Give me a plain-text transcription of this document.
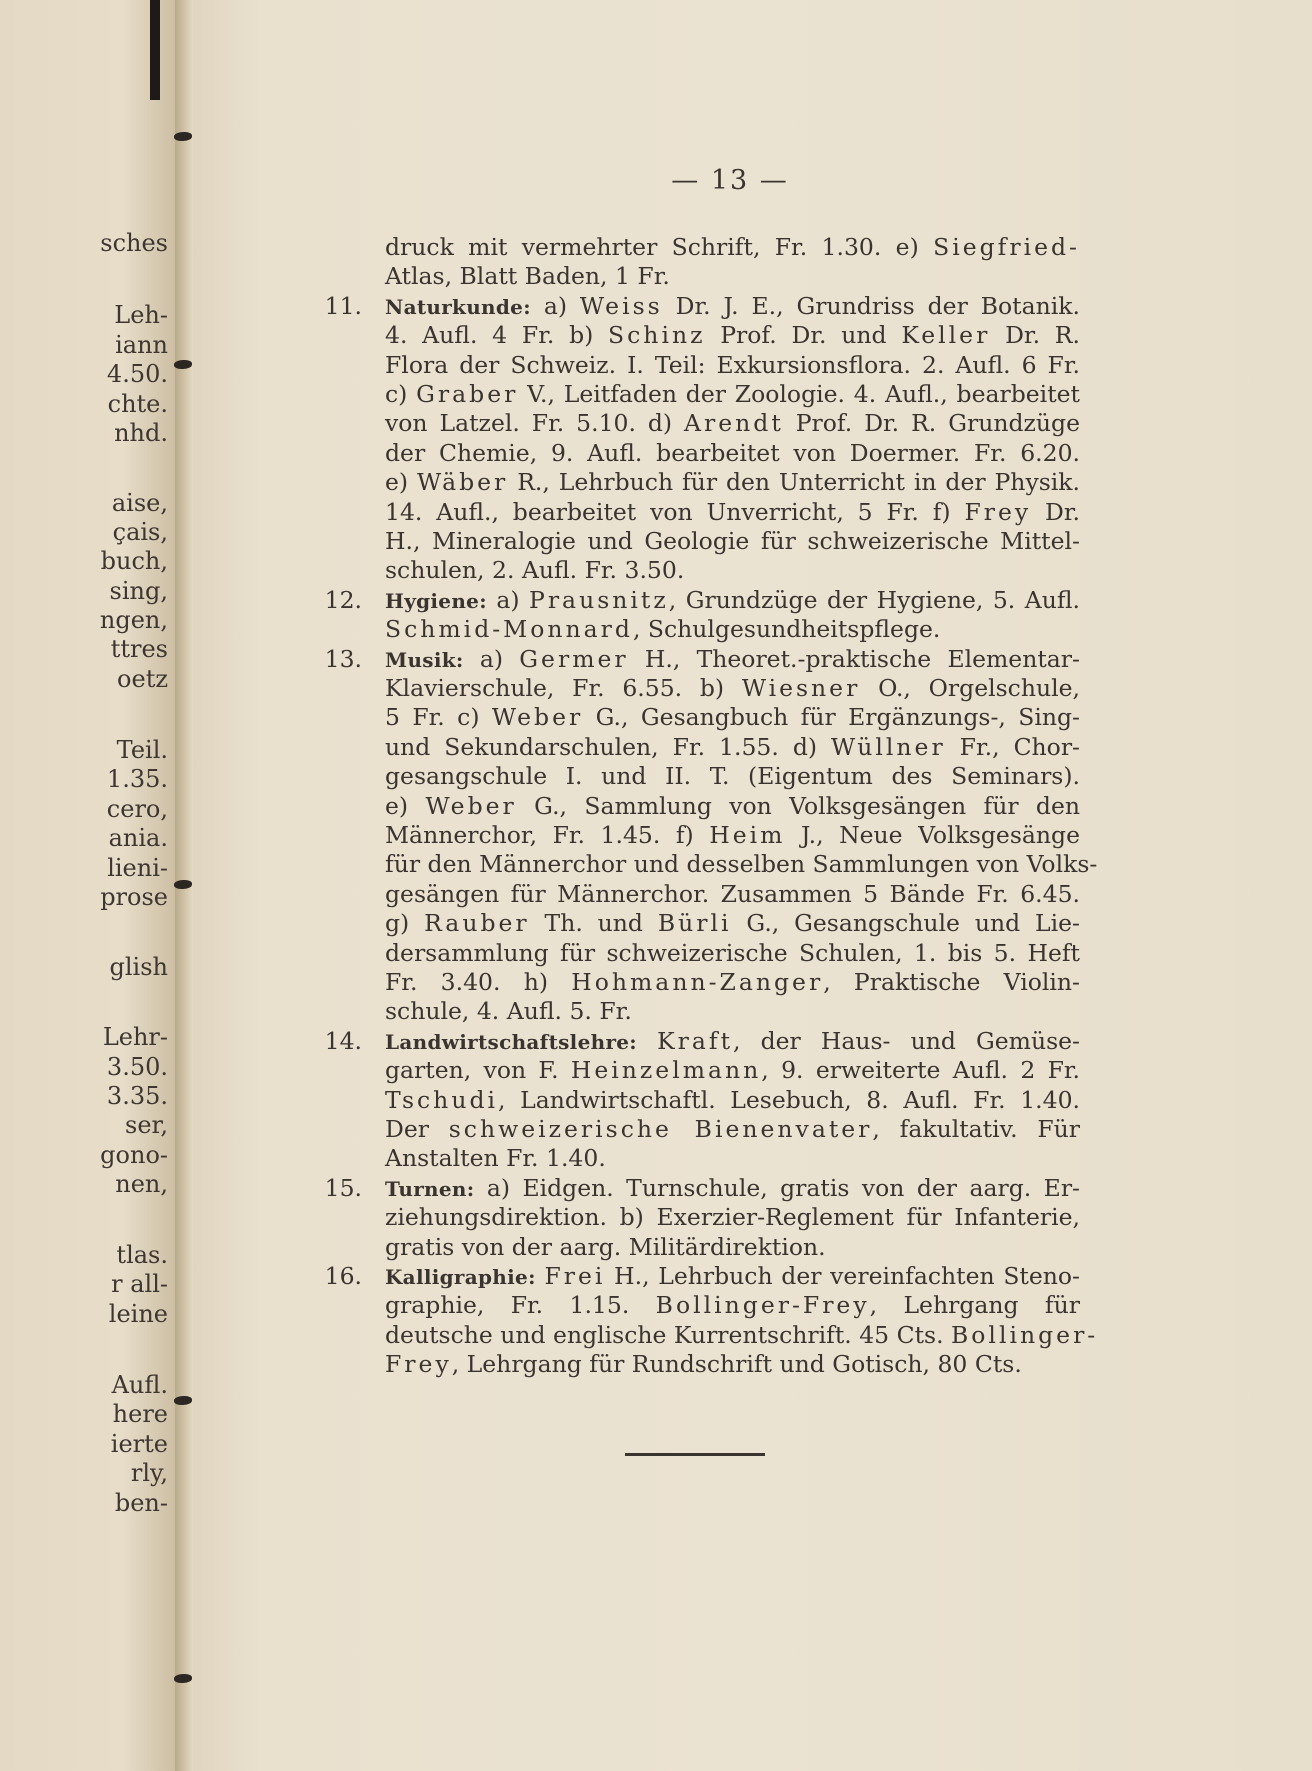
sches
Leh-
iann
4.50.
chte.
nhd.
aise,
çais,
buch,
sing,
ngen,
ttres
oetz
Teil.
1.35.
cero,
ania.
lieni-
prose
glish
Lehr-
3.50.
3.35.
ser,
gono-
nen,
tlas.
r all-
leine
Aufl.
here
ierte
rly,
ben-
— 13 —
druck mit vermehrter Schrift, Fr. 1.30. e) Siegfried-
Atlas, Blatt Baden, 1 Fr.
11. Naturkunde: a) Weiss Dr. J. E., Grundriss der Botanik.
4. Aufl. 4 Fr. b) Schinz Prof. Dr. und Keller Dr. R.
Flora der Schweiz. I. Teil: Exkursionsflora. 2. Aufl. 6 Fr.
c) Graber V., Leitfaden der Zoologie. 4. Aufl., bearbeitet
von Latzel. Fr. 5.10. d) Arendt Prof. Dr. R. Grundzüge
der Chemie, 9. Aufl. bearbeitet von Doermer. Fr. 6.20.
e) Wäber R., Lehrbuch für den Unterricht in der Physik.
14. Aufl., bearbeitet von Unverricht, 5 Fr. f) Frey Dr.
H., Mineralogie und Geologie für schweizerische Mittel-
schulen, 2. Aufl. Fr. 3.50.
12. Hygiene: a) Prausnitz, Grundzüge der Hygiene, 5. Aufl.
Schmid-Monnard, Schulgesundheitspflege.
13. Musik: a) Germer H., Theoret.-praktische Elementar-
Klavierschule, Fr. 6.55. b) Wiesner O., Orgelschule,
5 Fr. c) Weber G., Gesangbuch für Ergänzungs-, Sing-
und Sekundarschulen, Fr. 1.55. d) Wüllner Fr., Chor-
gesangschule I. und II. T. (Eigentum des Seminars).
e) Weber G., Sammlung von Volksgesängen für den
Männerchor, Fr. 1.45. f) Heim J., Neue Volksgesänge
für den Männerchor und desselben Sammlungen von Volks-
gesängen für Männerchor. Zusammen 5 Bände Fr. 6.45.
g) Rauber Th. und Bürli G., Gesangschule und Lie-
dersammlung für schweizerische Schulen, 1. bis 5. Heft
Fr. 3.40. h) Hohmann-Zanger, Praktische Violin-
schule, 4. Aufl. 5. Fr.
14. Landwirtschaftslehre: Kraft, der Haus- und Gemüse-
garten, von F. Heinzelmann, 9. erweiterte Aufl. 2 Fr.
Tschudi, Landwirtschaftl. Lesebuch, 8. Aufl. Fr. 1.40.
Der schweizerische Bienenvater, fakultativ. Für
Anstalten Fr. 1.40.
15. Turnen: a) Eidgen. Turnschule, gratis von der aarg. Er-
ziehungsdirektion. b) Exerzier-Reglement für Infanterie,
gratis von der aarg. Militärdirektion.
16. Kalligraphie: Frei H., Lehrbuch der vereinfachten Steno-
graphie, Fr. 1.15. Bollinger-Frey, Lehrgang für
deutsche und englische Kurrentschrift. 45 Cts. Bollinger-
Frey, Lehrgang für Rundschrift und Gotisch, 80 Cts.
